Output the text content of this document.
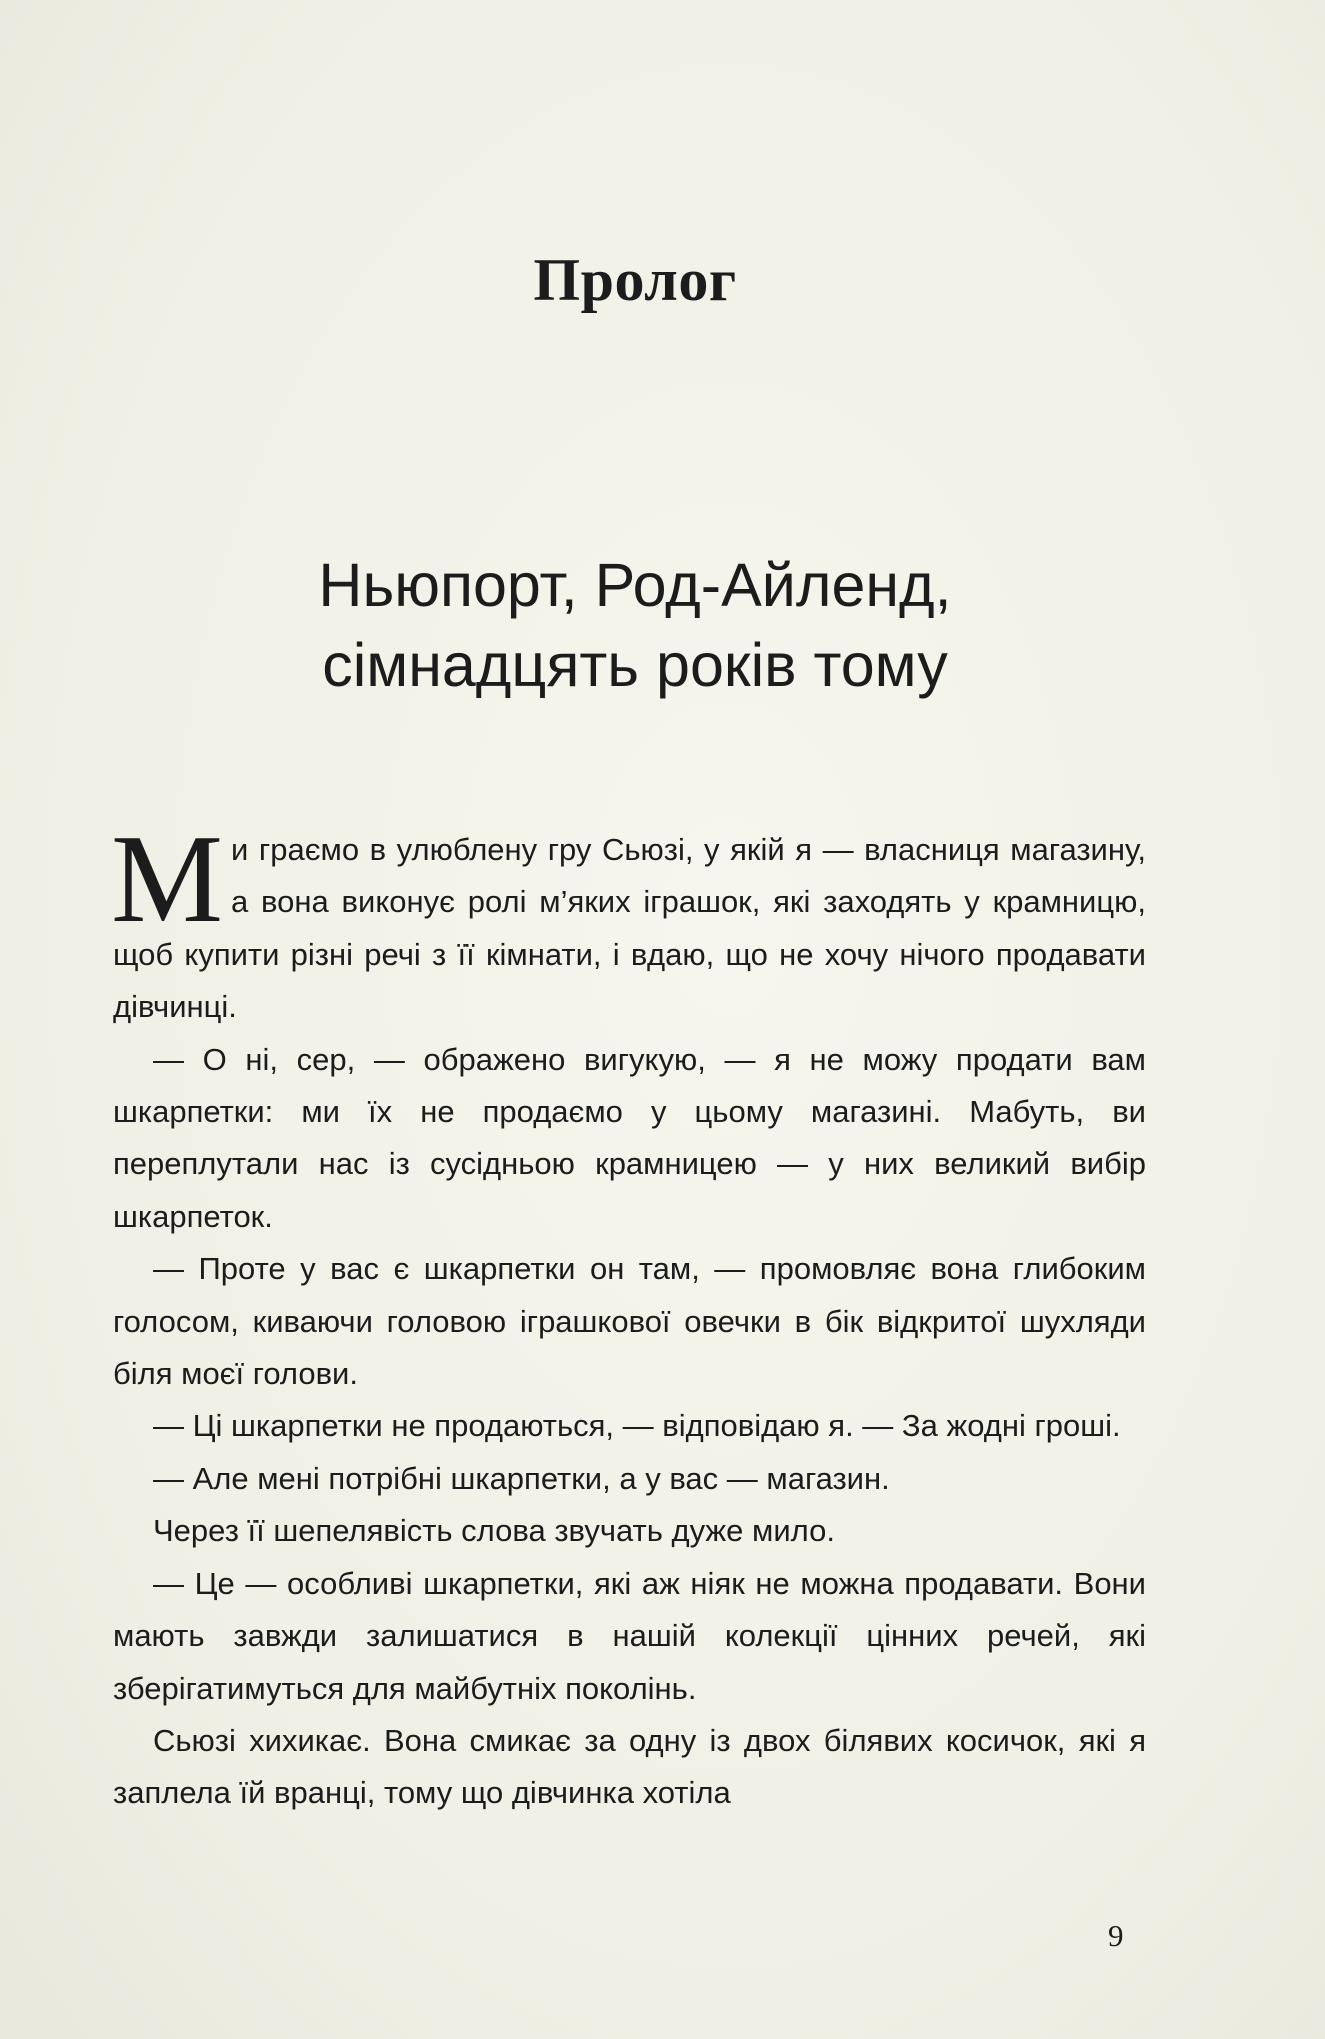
Пролог
Ньюпорт, Род-Айленд,
сімнадцять років тому

Ми граємо в улюблену гру Сьюзі, у якій я — власниця магазину, а вона виконує ролі м’яких іграшок, які заходять у крамницю, щоб купити різні речі з її кімнати, і вдаю, що не хочу нічого продавати дівчинці.

— О ні, сер, — ображено вигукую, — я не можу продати вам шкарпетки: ми їх не продаємо у цьому магазині. Мабуть, ви переплутали нас із сусідньою крамницею — у них великий вибір шкарпеток.

— Проте у вас є шкарпетки он там, — промовляє вона глибоким голосом, киваючи головою іграшкової овечки в бік відкритої шухляди біля моєї голови.

— Ці шкарпетки не продаються, — відповідаю я. — За жодні гроші.

— Але мені потрібні шкарпетки, а у вас — магазин.

Через її шепелявість слова звучать дуже мило.

— Це — особливі шкарпетки, які аж ніяк не можна продавати. Вони мають завжди залишатися в нашій колекції цінних речей, які зберігатимуться для майбутніх поколінь.

Сьюзі хихикає. Вона смикає за одну із двох білявих косичок, які я заплела їй вранці, тому що дівчинка хотіла

9
